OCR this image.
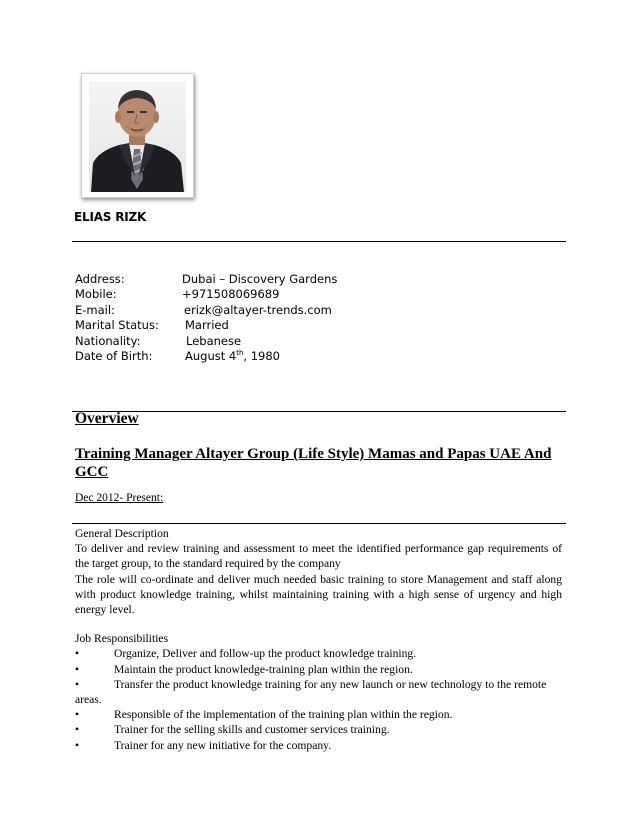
ELIAS RIZK
Address:	Dubai – Discovery Gardens
Mobile:	+971508069689
E-mail:	erizk@altayer-trends.com
Marital Status: Married
Nationality:	Lebanese
Date of Birth:	August 4th, 1980
Overview
Training Manager Altayer Group (Life Style) Mamas and Papas UAE And GCC
Dec 2012- Present:

General Description

To deliver and review training and assessment to meet the identified performance gap requirements of the target group, to the standard required by the company

The role will co-ordinate and deliver much needed basic training to store Management and staff along with product knowledge training, whilst maintaining training with a high sense of urgency and high energy level.

Job Responsibilities

•	Organize, Deliver and follow-up the product knowledge training.
•	Maintain the product knowledge-training plan within the region.
•	Transfer the product knowledge training for any new launch or new technology to the remote areas.
•	Responsible of the implementation of the training plan within the region.
•	Trainer for the selling skills and customer services training.
•	Trainer for any new initiative for the company.
